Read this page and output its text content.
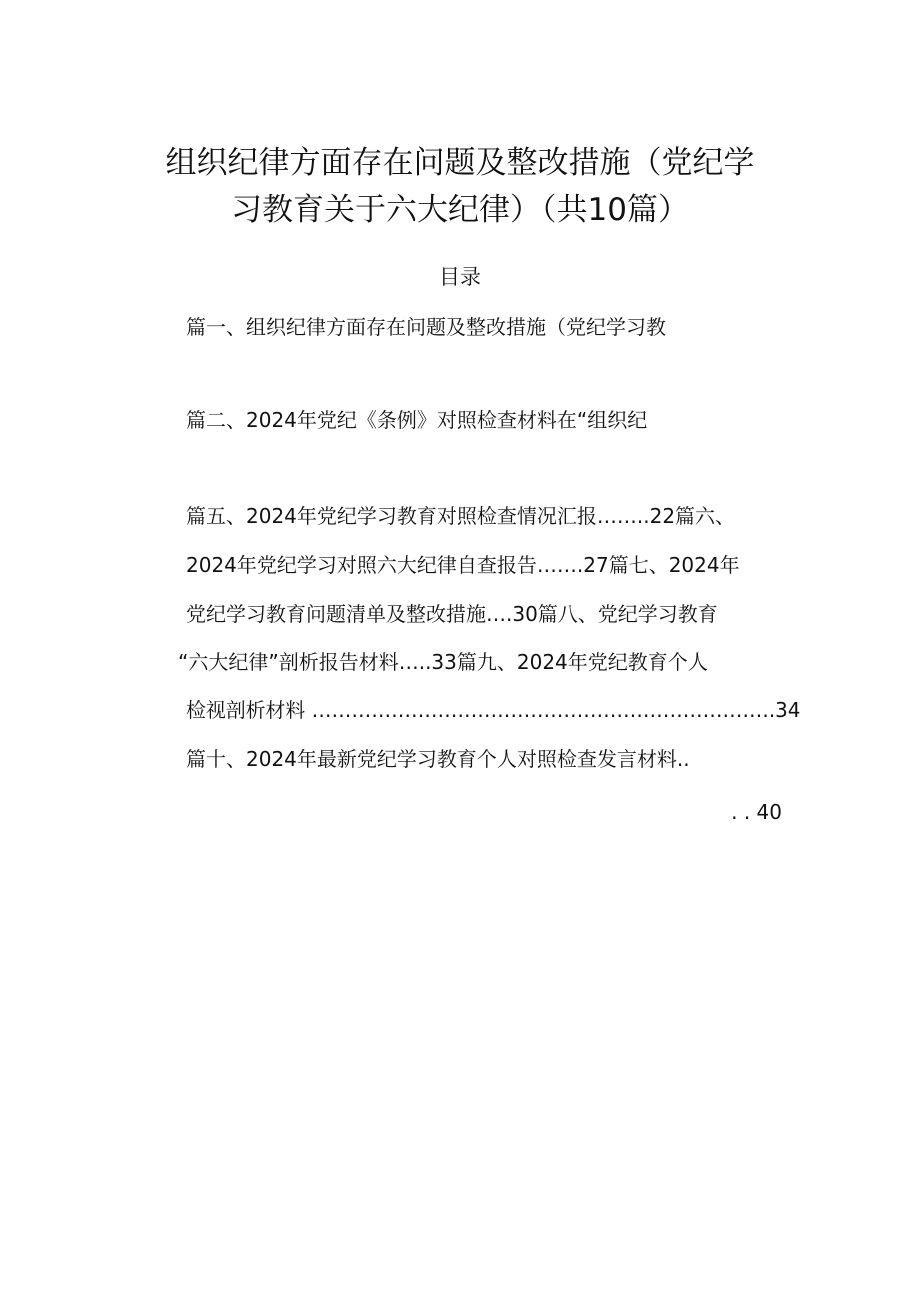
组织纪律方面存在问题及整改措施（党纪学
习教育关于六大纪律）（共10篇）
目录
篇一、组织纪律方面存在问题及整改措施（党纪学习教
篇二、2024年党纪《条例》对照检查材料在“组织纪
篇五、2024年党纪学习教育对照检查情况汇报……..22篇六、
2024年党纪学习对照六大纪律自查报告…….27篇七、2024年
党纪学习教育问题清单及整改措施….30篇八、党纪学习教育
“六大纪律”剖析报告材料…..33篇九、2024年党纪教育个人
检视剖析材料 …………………………………………………………….34
篇十、2024年最新党纪学习教育个人对照检查发言材料..
. . 40
